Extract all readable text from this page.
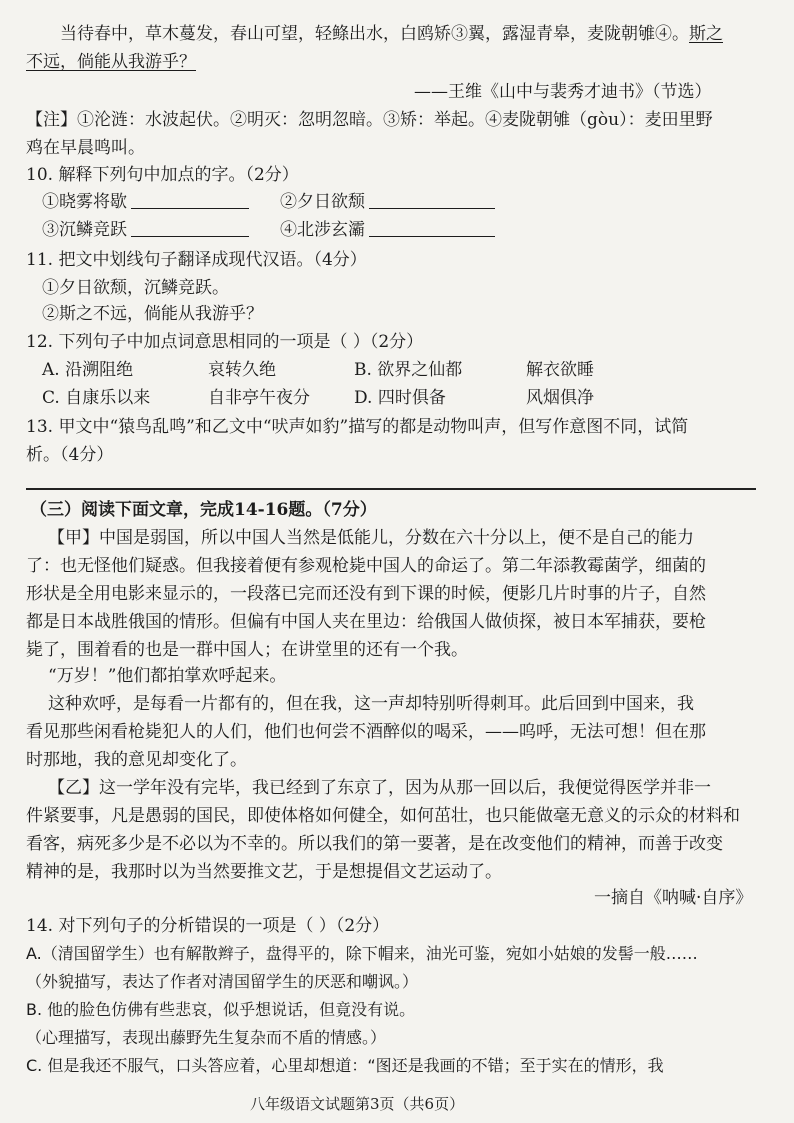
当待春中，草木蔓发，春山可望，轻鲦出水，白鸥矫③翼，露湿青皋，麦陇朝雊④。斯之
不远，倘能从我游乎？
——王维《山中与裴秀才迪书》（节选）
【注】①沦涟：水波起伏。②明灭：忽明忽暗。③矫：举起。④麦陇朝雊（gòu）：麦田里野
鸡在早晨鸣叫。
10. 解释下列句中加点的字。（2分）
①晓雾将歇	②夕日欲颓
③沉鳞竞跃	④北涉玄灞
11. 把文中划线句子翻译成现代汉语。（4分）
①夕日欲颓，沉鳞竞跃。
②斯之不远，倘能从我游乎？
12. 下列句子中加点词意思相同的一项是（ ）（2分）
A. 沿溯阻绝	哀转久绝	B. 欲界之仙都	解衣欲睡
C. 自康乐以来	自非亭午夜分	D. 四时俱备	风烟俱净
13. 甲文中“猿鸟乱鸣”和乙文中“吠声如豹”描写的都是动物叫声，但写作意图不同，试简
析。（4分）
（三）阅读下面文章，完成14-16题。（7分）
【甲】中国是弱国，所以中国人当然是低能儿，分数在六十分以上，便不是自己的能力
了：也无怪他们疑惑。但我接着便有参观枪毙中国人的命运了。第二年添教霉菌学，细菌的
形状是全用电影来显示的，一段落已完而还没有到下课的时候，便影几片时事的片子，自然
都是日本战胜俄国的情形。但偏有中国人夹在里边：给俄国人做侦探，被日本军捕获，要枪
毙了，围着看的也是一群中国人；在讲堂里的还有一个我。
“万岁！”他们都拍掌欢呼起来。
这种欢呼，是每看一片都有的，但在我，这一声却特别听得刺耳。此后回到中国来，我
看见那些闲看枪毙犯人的人们，他们也何尝不酒醉似的喝采，——呜呼，无法可想！但在那
时那地，我的意见却变化了。
【乙】这一学年没有完毕，我已经到了东京了，因为从那一回以后，我便觉得医学并非一
件紧要事，凡是愚弱的国民，即使体格如何健全，如何茁壮，也只能做毫无意义的示众的材料和
看客，病死多少是不必以为不幸的。所以我们的第一要著，是在改变他们的精神，而善于改变
精神的是，我那时以为当然要推文艺，于是想提倡文艺运动了。
一摘自《呐喊·自序》
14. 对下列句子的分析错误的一项是（ ）（2分）
A.（清国留学生）也有解散辫子，盘得平的，除下帽来，油光可鉴，宛如小姑娘的发髻一般……
（外貌描写，表达了作者对清国留学生的厌恶和嘲讽。）
B. 他的脸色仿佛有些悲哀，似乎想说话，但竟没有说。
（心理描写，表现出藤野先生复杂而不盾的情感。）
C. 但是我还不服气，口头答应着，心里却想道：“图还是我画的不错；至于实在的情形，我
八年级语文试题第3页（共6页）
